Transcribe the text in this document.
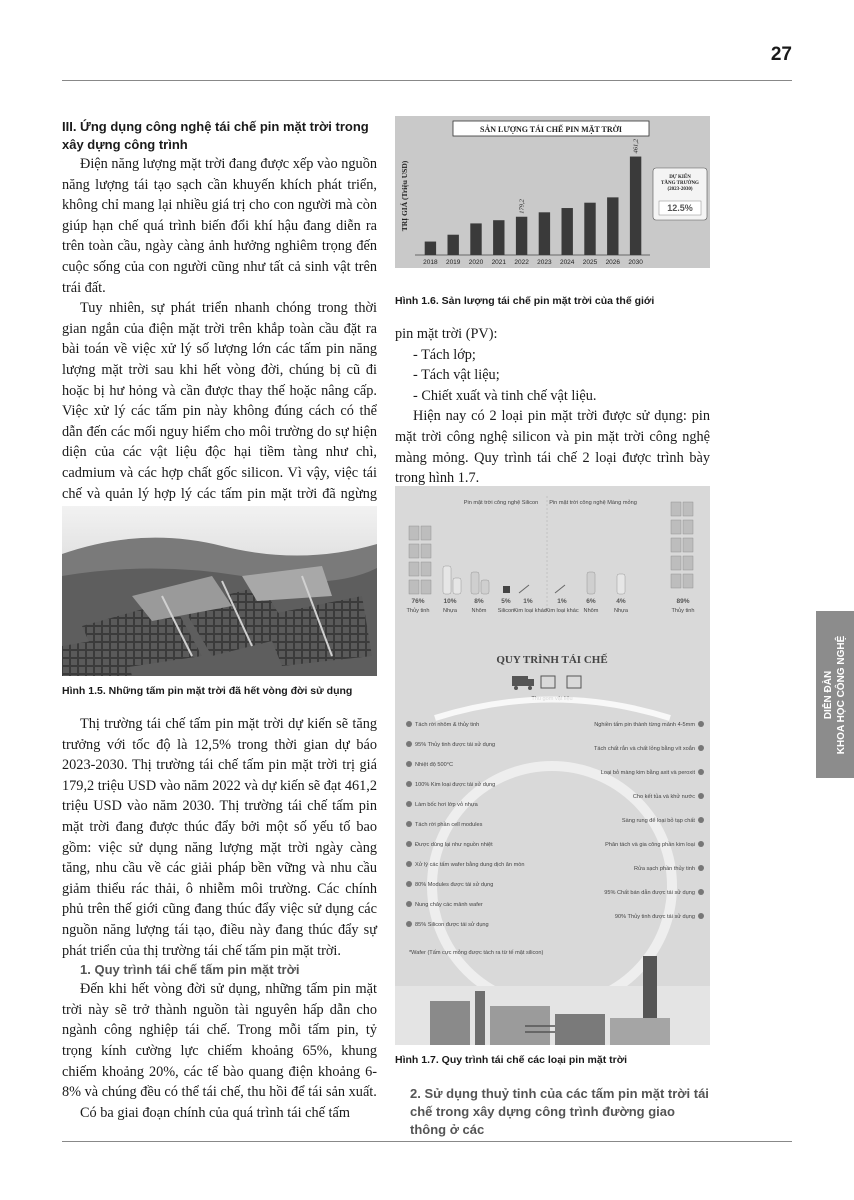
27
III. Ứng dụng công nghệ tái chế pin mặt trời trong xây dựng công trình

Điện năng lượng mặt trời đang được xếp vào nguồn năng lượng tái tạo sạch cần khuyến khích phát triển, không chỉ mang lại nhiều giá trị cho con người mà còn giúp hạn chế quá trình biến đổi khí hậu đang diễn ra trên toàn cầu, ngày càng ảnh hưởng nghiêm trọng đến cuộc sống của con người cũng như tất cả sinh vật trên trái đất.

Tuy nhiên, sự phát triển nhanh chóng trong thời gian ngắn của điện mặt trời trên khắp toàn cầu đặt ra bài toán về việc xử lý số lượng lớn các tấm pin năng lượng mặt trời sau khi hết vòng đời, chúng bị cũ đi hoặc bị hư hỏng và cần được thay thế hoặc nâng cấp. Việc xử lý các tấm pin này không đúng cách có thể dẫn đến các mối nguy hiểm cho môi trường do sự hiện diện của các vật liệu độc hại tiềm tàng như chì, cadmium và các hợp chất gốc silicon. Vì vậy, việc tái chế và quản lý hợp lý các tấm pin mặt trời đã ngừng

Hình 1.5. Những tấm pin mặt trời đã hết vòng đời sử dụng

Thị trường tái chế tấm pin mặt trời dự kiến sẽ tăng trưởng với tốc độ là 12,5% trong thời gian dự báo 2023-2030. Thị trường tái chế tấm pin mặt trời trị giá 179,2 triệu USD vào năm 2022 và dự kiến sẽ đạt 461,2 triệu USD vào năm 2030. Thị trường tái chế tấm pin mặt trời đang được thúc đẩy bởi một số yếu tố bao gồm: việc sử dụng năng lượng mặt trời ngày càng tăng, nhu cầu về các giải pháp bền vững và nhu cầu giảm thiểu rác thải, ô nhiễm môi trường. Các chính phủ trên thế giới cũng đang thúc đẩy việc sử dụng các nguồn năng lượng tái tạo, điều này đang thúc đẩy sự phát triển của thị trường tái chế tấm pin mặt trời.

1. Quy trình tái chế tấm pin mặt trời

Đến khi hết vòng đời sử dụng, những tấm pin mặt trời này sẽ trở thành nguồn tài nguyên hấp dẫn cho ngành công nghiệp tái chế. Trong mỗi tấm pin, tỷ trọng kính cường lực chiếm khoảng 65%, khung chiếm khoảng 20%, các tế bào quang điện khoảng 6-8% và chúng đều có thể tái chế, thu hồi để tái sản xuất.

Có ba giai đoạn chính của quá trình tái chế tấm

SẢN LƯỢNG TÁI CHẾ PIN MẶT TRỜI
TRỊ GIÁ (Triệu USD)
2018 2019 2020 2021 2022
179,2
2023 2024 2025 2026 2030
461,2
DỰ KIẾN TĂNG TRƯỞNG (2023-2030)
12.5%
Hình 1.6. Sản lượng tái chế pin mặt trời của thế giới

pin mặt trời (PV):

- Tách lớp;
- Tách vật liệu;
- Chiết xuất và tinh chế vật liệu.

Hiện nay có 2 loại pin mặt trời được sử dụng: pin mặt trời công nghệ silicon và pin mặt trời công nghệ màng mỏng. Quy trình tái chế 2 loại được trình bày trong hình 1.7.

Pin mặt trời công nghệ Silicon Pin mặt trời công nghệ Màng mỏng
76%	10%	8%	5% 1%	1%	6%	4%	89%
Thủy tinh Nhựa	Nhôm Silicon Kim loại khác
Kim loại khác Nhôm	Nhựa	Thủy tinh
QUY TRÌNH TÁI CHẾ
Thu gom vật liệu
Tách rời nhôm & thủy tinh
95% Thủy tinh được tái sử dụng
Nhiệt độ 500°C
100% Kim loại được tái sử dụng
Làm bốc hơi lớp vỏ nhựa
Tách rời phần cell modules
Được dùng lại như nguồn nhiệt
Xử lý các tấm wafer bằng dung dịch ăn mòn
80% Modules được tái sử dụng
Nung chảy các mảnh wafer
85% Silicon được tái sử dụng
Nghiền tấm pin thành từng mảnh 4-5mm
Tách chất rắn và chất lỏng bằng vít xoắn
Loại bỏ màng kim bằng axit và peroxit
Cho kết tủa và khử nước
Sàng rung để loại bỏ tạp chất
Phân tách và gia công phần kim loại
Rửa sạch phần thủy tinh
95% Chất bán dẫn được tái sử dụng
90% Thủy tinh được tái sử dụng
*Wafer (Tấm cực mỏng được tách ra từ tế mặt silicon)
Hình 1.7. Quy trình tái chế các loại pin mặt trời
2. Sử dụng thuỷ tinh của các tấm pin mặt trời tái chế trong xây dựng công trình đường giao thông ở các
DIỄN ĐÀN KHOA HỌC CÔNG NGHỆ
